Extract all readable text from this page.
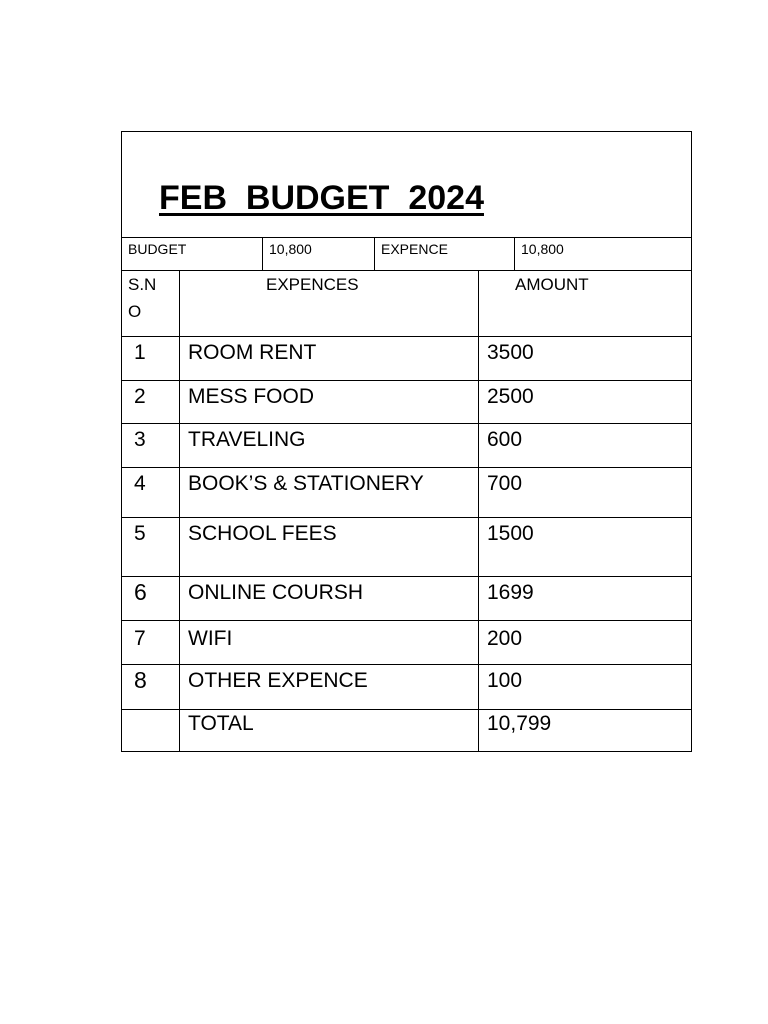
FEB  BUDGET  2024
BUDGET	10,800	EXPENCE	10,800
S.N
O
EXPENCES	AMOUNT
1 ROOM RENT	3500
2 MESS FOOD	2500
3 TRAVELING	600
4 BOOK’S & STATIONERY	700
5 SCHOOL FEES	1500
6 ONLINE COURSH	1699
7 WIFI	200
8 OTHER EXPENCE	100
TOTAL	10,799
